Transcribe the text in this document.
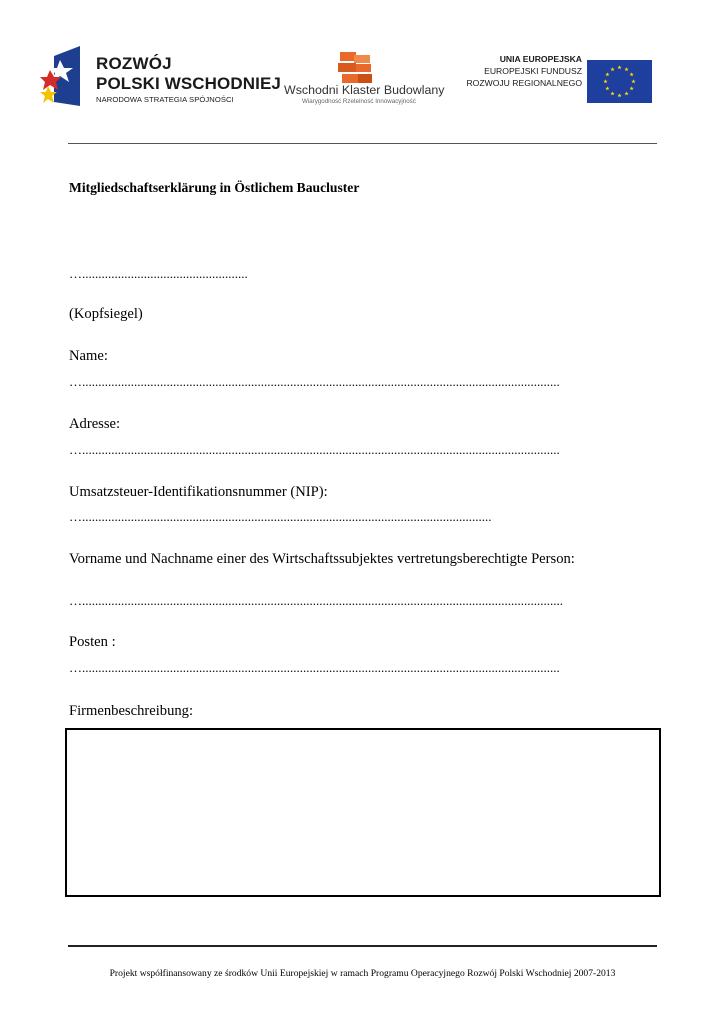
ROZWÓJ
POLSKI WSCHODNIEJ
NARODOWA STRATEGIA SPÓJNOŚCI
Wschodni Klaster Budowlany
Wiarygodność Rzetelność Innowacyjność
UNIA EUROPEJSKA
EUROPEJSKI FUNDUSZ
ROZWOJU REGIONALNEGO
Mitgliedschaftserklärung in Östlichem Baucluster
…...................................................
(Kopfsiegel)
Name:
…...................................................................................................................................................
Adresse:
…...................................................................................................................................................
Umsatzsteuer-Identifikationsnummer (NIP):
…..............................................................................................................................
Vorname und Nachname einer des Wirtschaftssubjektes vertretungsberechtigte Person:
…....................................................................................................................................................
Posten :
…...................................................................................................................................................
Firmenbeschreibung:
Projekt współfinansowany ze środków Unii Europejskiej w ramach Programu Operacyjnego Rozwój Polski Wschodniej 2007-2013
